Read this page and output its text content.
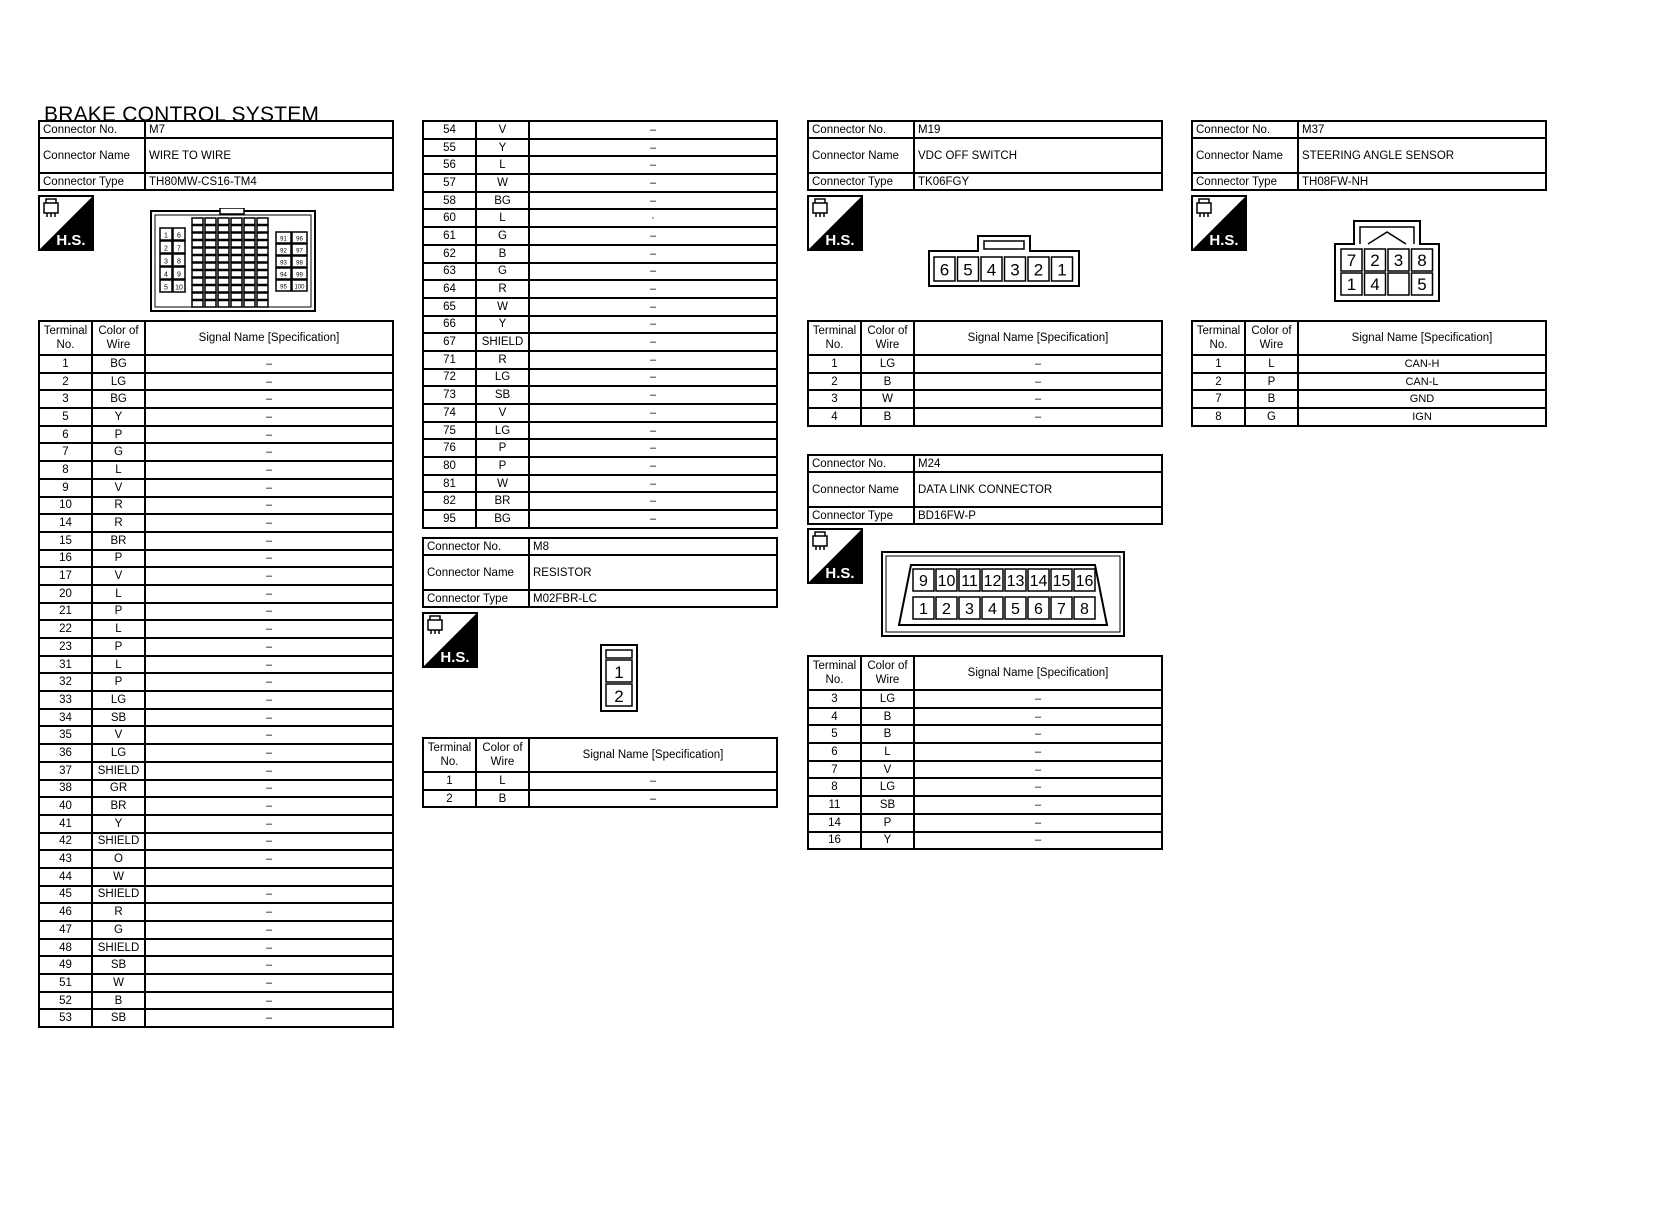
BRAKE CONTROL SYSTEM
Connector No.	M7
Connector Name	WIRE TO WIRE
Connector Type	TH80MW-CS16-TM4
H.S.	1 6
2 7
3 8
4 9
5 10
91 96
92 97
93 98
94 99
95 100
Terminal No.	Color of Wire	Signal Name [Specification]
1	BG	–
2	LG	–
3	BG	–
5	Y	–
6	P	–
7	G	–
8	L	–
9	V	–
10	R	–
14	R	–
15	BR	–
16	P	–
17	V	–
20	L	–
21	P	–
22	L	–
23	P	–
31	L	–
32	P	–
33	LG	–
34	SB	–
35	V	–
36	LG	–
37	SHIELD	–
38	GR	–
40	BR	–
41	Y	–
42	SHIELD	–
43	O	–
44	W	
45	SHIELD	–
46	R	–
47	G	–
48	SHIELD	–
49	SB	–
51	W	–
52	B	–
53	SB	–
54	V	–
55	Y	–
56	L	–
57	W	–
58	BG	–
60	L	·
61	G	–
62	B	–
63	G	–
64	R	–
65	W	–
66	Y	–
67	SHIELD	–
71	R	–
72	LG	–
73	SB	–
74	V	–
75	LG	–
76	P	–
80	P	–
81	W	–
82	BR	–
95	BG	–
Connector No.	M8
Connector Name	RESISTOR
Connector Type	M02FBR-LC
H.S.
1
2
Terminal No.	Color of Wire	Signal Name [Specification]
1	L	–
2	B	–
Connector No.	M19
Connector Name	VDC OFF SWITCH
Connector Type	TK06FGY
H.S.
6 5 4 3 2 1
Terminal No.	Color of Wire	Signal Name [Specification]
1	LG	–
2	B	–
3	W	–
4	B	–
Connector No.	M24
Connector Name	DATA LINK CONNECTOR
Connector Type	BD16FW-P
H.S.	9 10 11 12 13 14 15 16
1 2 3 4 5 6 7 8
Terminal No.	Color of Wire	Signal Name [Specification]
3	LG	–
4	B	–
5	B	–
6	L	–
7	V	–
8	LG	–
11	SB	–
14	P	–
16	Y	–
Connector No.	M37
Connector Name	STEERING ANGLE SENSOR
Connector Type	TH08FW-NH
H.S.
7 2 3 8
1 4 5
Terminal No.	Color of Wire	Signal Name [Specification]
1	L	CAN-H
2	P	CAN-L
7	B	GND
8	G	IGN
